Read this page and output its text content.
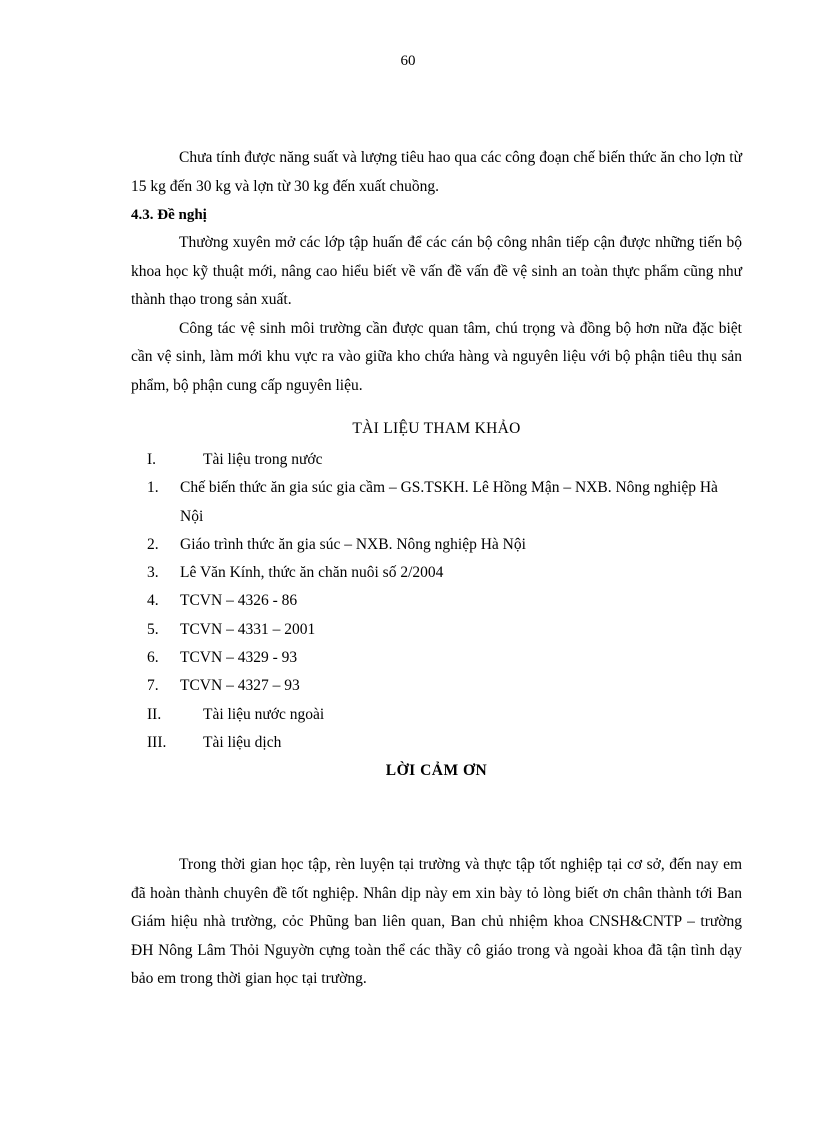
60

Chưa tính được năng suất và lượng tiêu hao qua các công đoạn chế biến thức ăn cho lợn từ 15 kg đến 30 kg và lợn từ 30 kg đến xuất chuồng.

4.3. Đề nghị

Thường xuyên mở các lớp tập huấn để các cán bộ công nhân tiếp cận được những tiến bộ khoa học kỹ thuật mới, nâng cao hiểu biết về vấn đề vấn đề vệ sinh an toàn thực phẩm cũng như thành thạo trong sản xuất.

Công tác vệ sinh môi trường cần được quan tâm, chú trọng và đồng bộ hơn nữa đặc biệt cần vệ sinh, làm mới khu vực ra vào giữa kho chứa hàng và nguyên liệu với bộ phận tiêu thụ sản phẩm, bộ phận cung cấp nguyên liệu.

TÀI LIỆU THAM KHẢO

I.	Tài liệu trong nước
1. Chế biến thức ăn gia súc gia cầm – GS.TSKH. Lê Hồng Mận – NXB. Nông nghiệp Hà Nội
2. Giáo trình thức ăn gia súc – NXB. Nông nghiệp Hà Nội
3. Lê Văn Kính, thức ăn chăn nuôi số 2/2004
4. TCVN – 4326 - 86
5. TCVN – 4331 – 2001
6. TCVN – 4329 - 93
7. TCVN – 4327 – 93
II.	Tài liệu nước ngoài
III. Tài liệu dịch

LỜI CẢM ƠN

Trong thời gian học tập, rèn luyện tại trường và thực tập tốt nghiệp tại cơ sở, đến nay em đã hoàn thành chuyên đề tốt nghiệp. Nhân dịp này em xin bày tỏ lòng biết ơn chân thành tới Ban Giám hiệu nhà trường, cỏc Phũng ban liên quan, Ban chủ nhiệm khoa CNSH&CNTP – trường ĐH Nông Lâm Thỏi Nguyờn cựng toàn thể các thầy cô giáo trong và ngoài khoa đã tận tình dạy bảo em trong thời gian học tại trường.
